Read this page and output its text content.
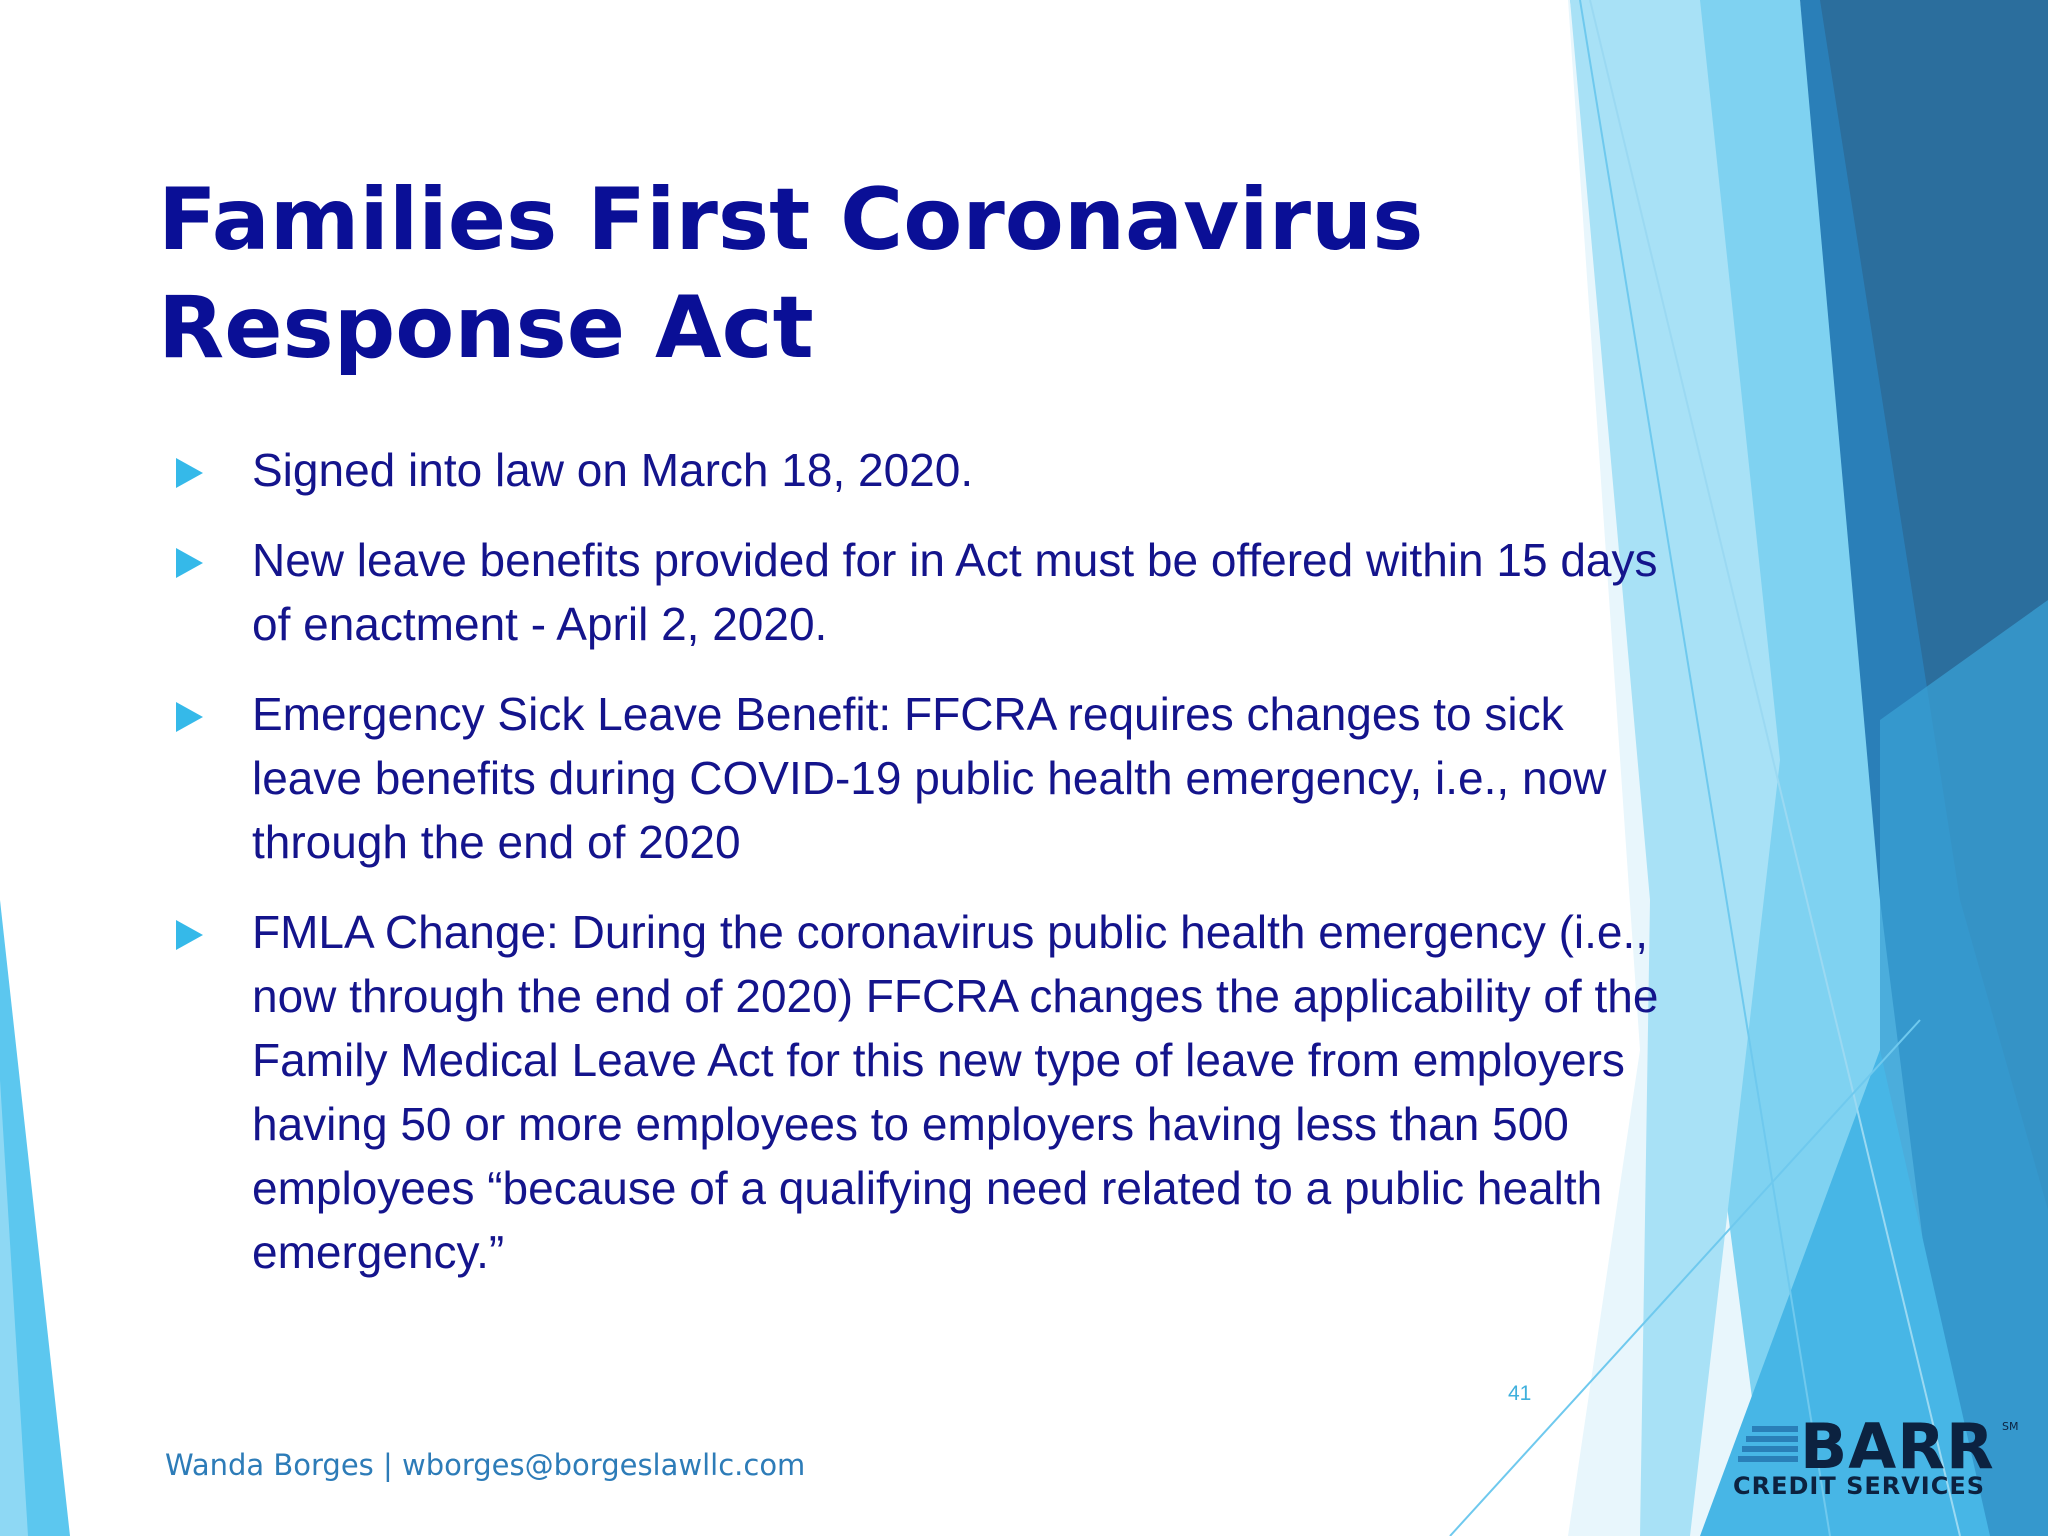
Families First Coronavirus Response Act
Signed into law on March 18, 2020.
New leave benefits provided for in Act must be offered within 15 days of enactment - April 2, 2020.
Emergency Sick Leave Benefit: FFCRA requires changes to sick leave benefits during COVID-19 public health emergency, i.e., now through the end of 2020
FMLA Change: During the coronavirus public health emergency (i.e., now through the end of 2020) FFCRA changes the applicability of the Family Medical Leave Act for this new type of leave from employers having 50 or more employees to employers having less than 500 employees “because of a qualifying need related to a public health emergency.”
41
Wanda Borges | wborges@borgeslawllc.com	BARR SM
CREDIT SERVICES
